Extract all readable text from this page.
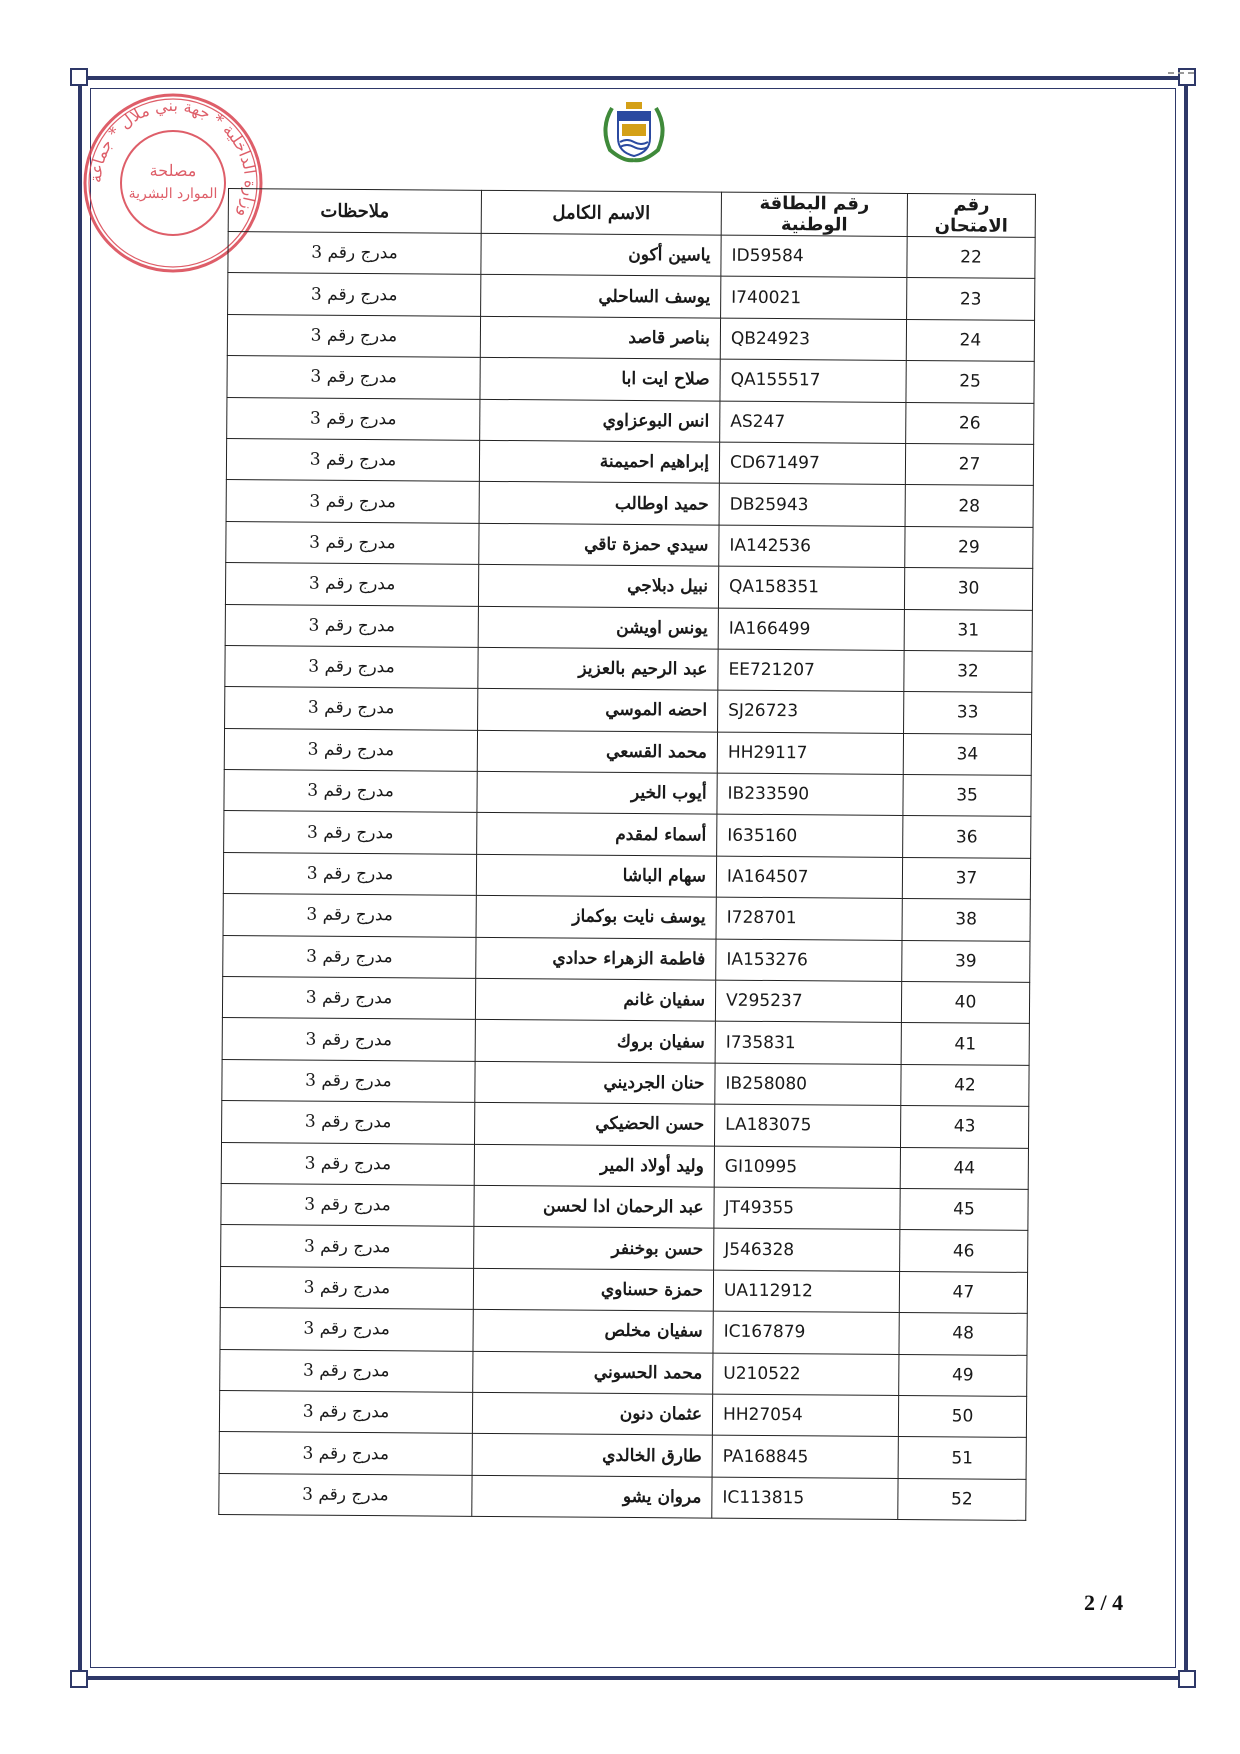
وزارة الداخلية * جهة بني ملال * جماعة
مصلحة
الموارد البشرية
رقم الامتحان	رقم البطاقة الوطنية	الاسم الكامل	ملاحظات
22	ID59584	ياسين أكون	مدرج رقم 3
23	I740021	يوسف الساحلي	مدرج رقم 3
24	QB24923	بناصر قاصد	مدرج رقم 3
25	QA155517	صلاح ايت ابا	مدرج رقم 3
26	AS247	انس البوعزاوي	مدرج رقم 3
27	CD671497	إبراهيم احميمنة	مدرج رقم 3
28	DB25943	حميد اوطالب	مدرج رقم 3
29	IA142536	سيدي حمزة تاقي	مدرج رقم 3
30	QA158351	نبيل دبلاجي	مدرج رقم 3
31	IA166499	يونس اويشن	مدرج رقم 3
32	EE721207	عبد الرحيم بالعزيز	مدرج رقم 3
33	SJ26723	احضه الموسي	مدرج رقم 3
34	HH29117	محمد القسعي	مدرج رقم 3
35	IB233590	أيوب الخير	مدرج رقم 3
36	I635160	أسماء لمقدم	مدرج رقم 3
37	IA164507	سهام الباشا	مدرج رقم 3
38	I728701	يوسف نايت بوكماز	مدرج رقم 3
39	IA153276	فاطمة الزهراء حدادي	مدرج رقم 3
40	V295237	سفيان غانم	مدرج رقم 3
41	I735831	سفيان بروك	مدرج رقم 3
42	IB258080	حنان الجرديني	مدرج رقم 3
43	LA183075	حسن الحضيكي	مدرج رقم 3
44	GI10995	وليد أولاد المير	مدرج رقم 3
45	JT49355	عبد الرحمان ادا لحسن	مدرج رقم 3
46	J546328	حسن بوخنفر	مدرج رقم 3
47	UA112912	حمزة حسناوي	مدرج رقم 3
48	IC167879	سفيان مخلص	مدرج رقم 3
49	U210522	محمد الحسوني	مدرج رقم 3
50	HH27054	عثمان دنون	مدرج رقم 3
51	PA168845	طارق الخالدي	مدرج رقم 3
52	IC113815	مروان يشو	مدرج رقم 3
2 / 4
